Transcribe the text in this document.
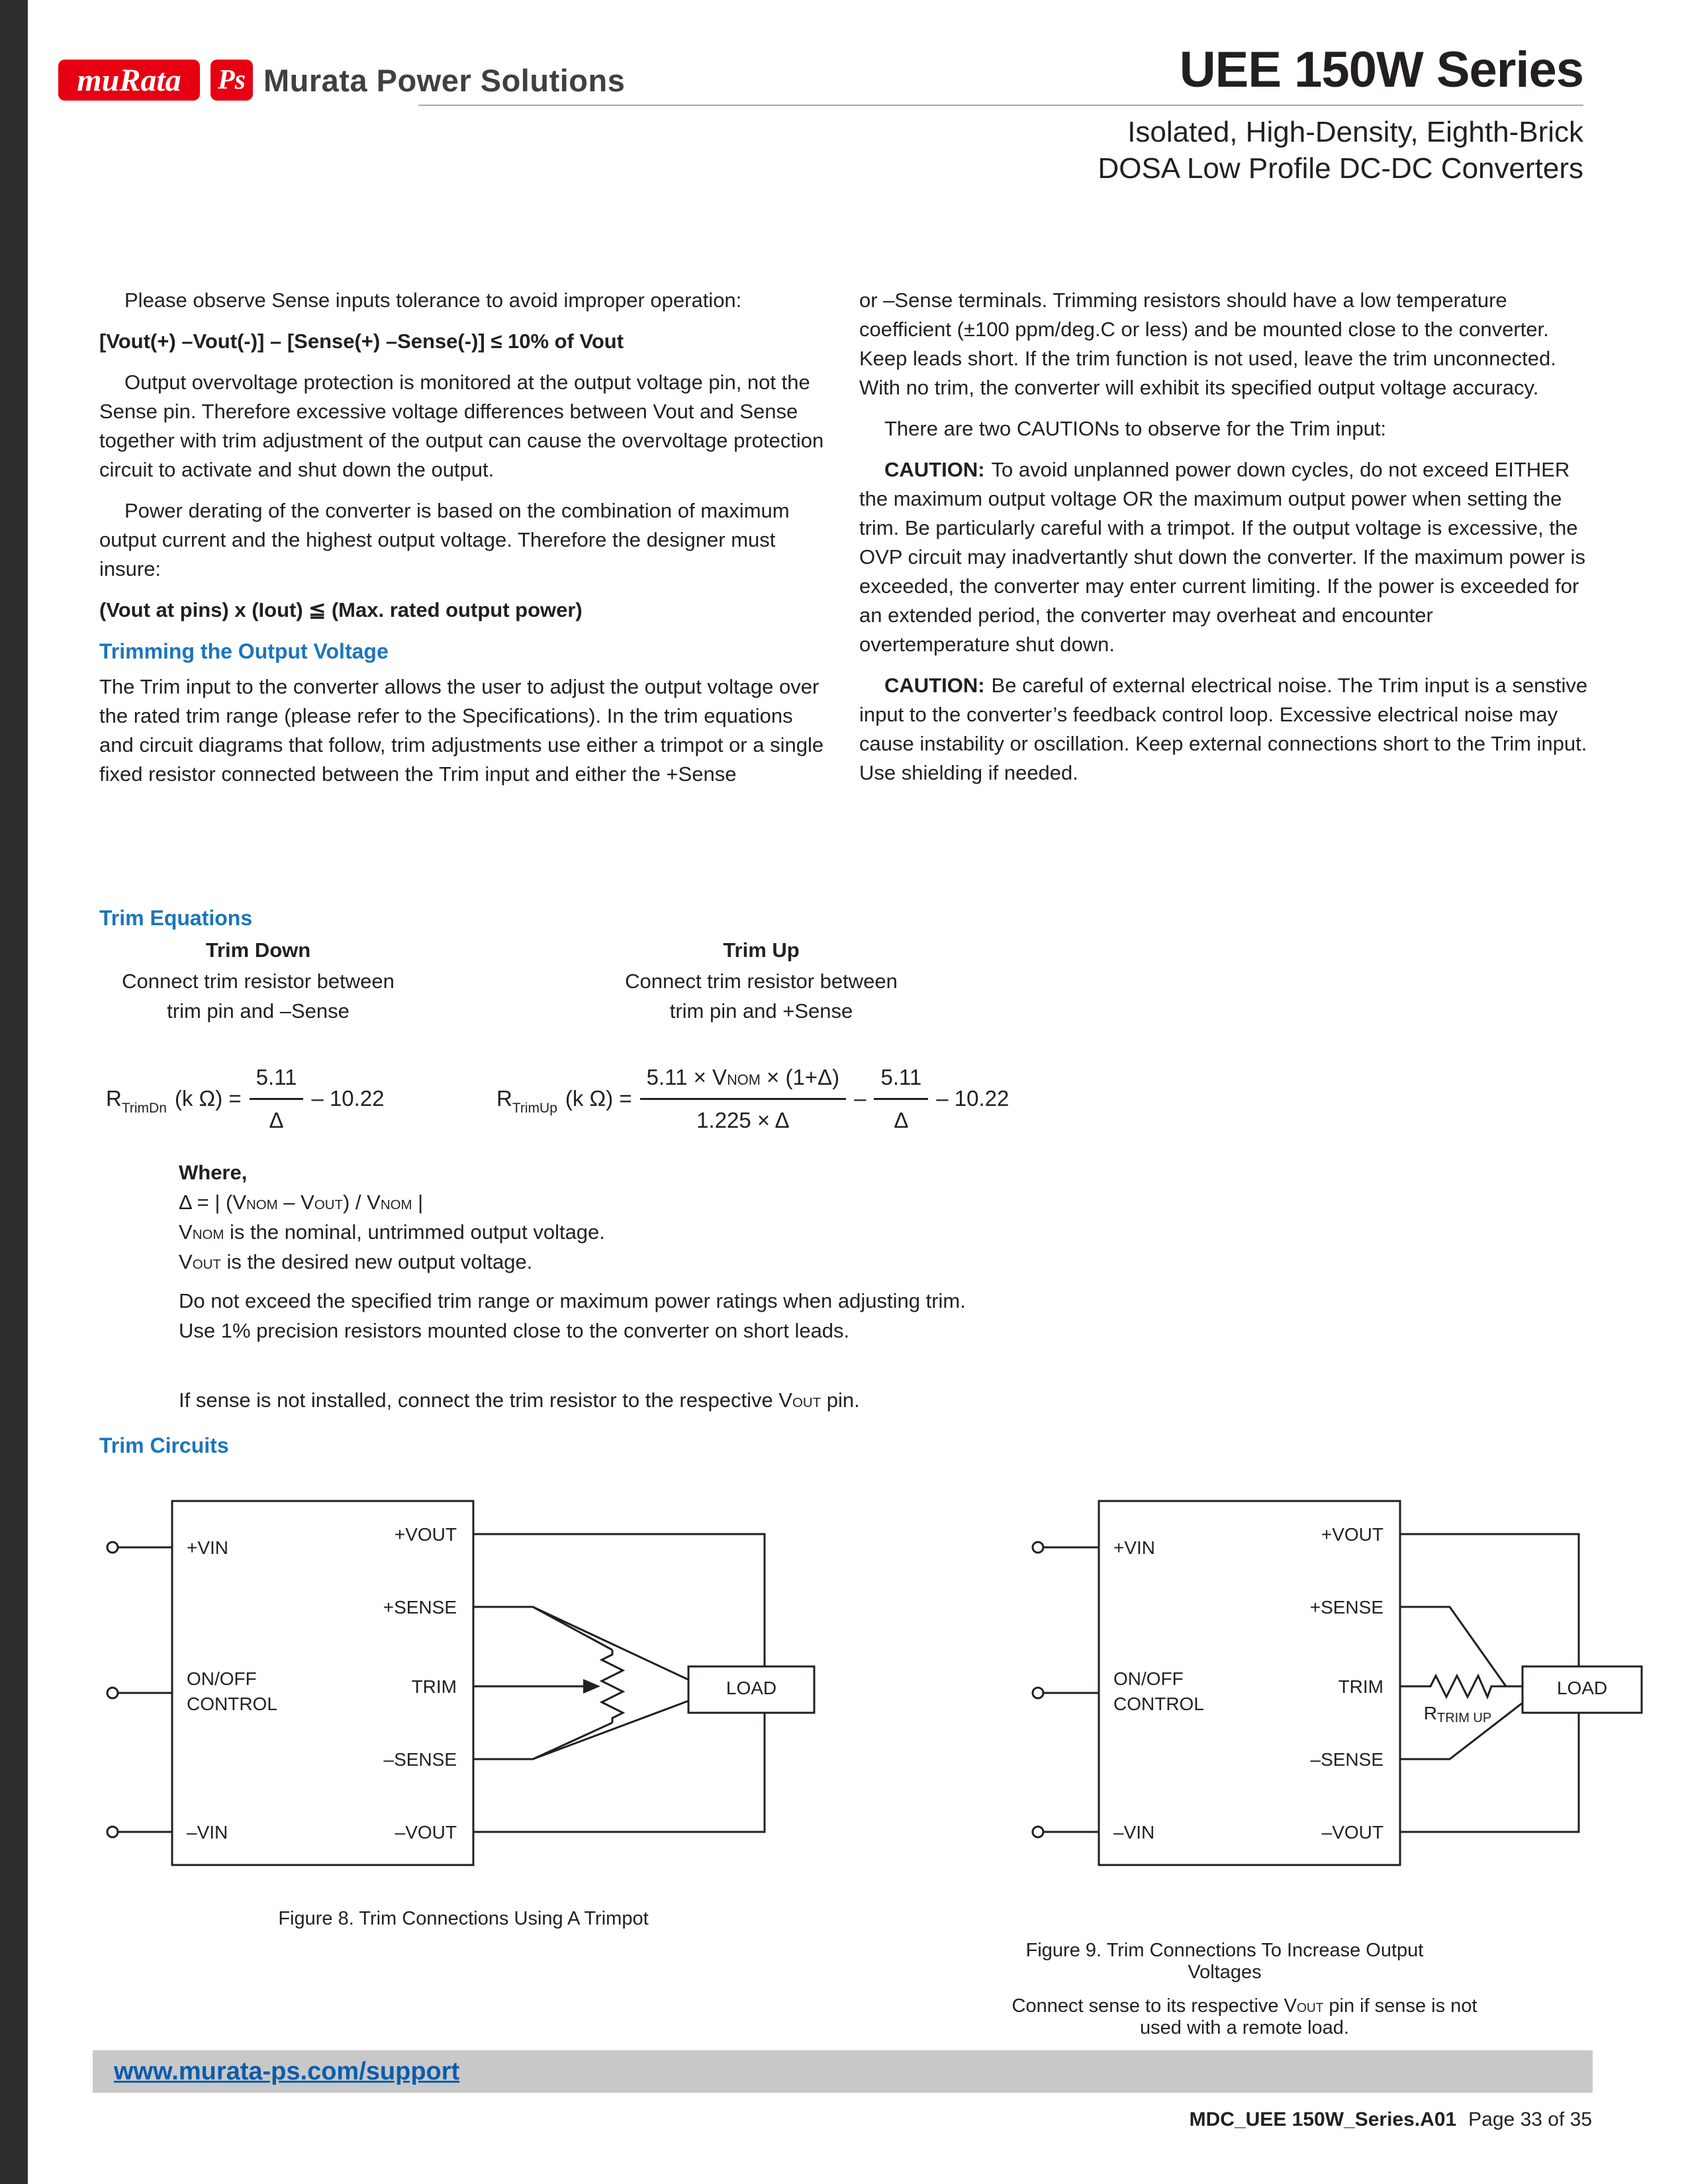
muRata Ps Murata Power Solutions	UEE 150W Series
Isolated, High-Density, Eighth-Brick
DOSA Low Profile DC-DC Converters

Please observe Sense inputs tolerance to avoid improper operation:

[Vout(+) –Vout(-)] – [Sense(+) –Sense(-)] ≤ 10% of Vout

Output overvoltage protection is monitored at the output voltage pin, not the Sense pin. Therefore excessive voltage differences between Vout and Sense together with trim adjustment of the output can cause the overvoltage protection circuit to activate and shut down the output.

Power derating of the converter is based on the combination of maximum output current and the highest output voltage. Therefore the designer must insure:

(Vout at pins) x (Iout) ≦ (Max. rated output power)

Trimming the Output Voltage

The Trim input to the converter allows the user to adjust the output voltage over the rated trim range (please refer to the Specifications). In the trim equations and circuit diagrams that follow, trim adjustments use either a trimpot or a single fixed resistor connected between the Trim input and either the +Sense

or –Sense terminals. Trimming resistors should have a low temperature coefficient (±100 ppm/deg.C or less) and be mounted close to the converter. Keep leads short. If the trim function is not used, leave the trim unconnected. With no trim, the converter will exhibit its specified output voltage accuracy.

There are two CAUTIONs to observe for the Trim input:

CAUTION: To avoid unplanned power down cycles, do not exceed EITHER the maximum output voltage OR the maximum output power when setting the trim. Be particularly careful with a trimpot. If the output voltage is excessive, the OVP circuit may inadvertantly shut down the converter. If the maximum power is exceeded, the converter may enter current limiting. If the power is exceeded for an extended period, the converter may overheat and encounter overtemperature shut down.

CAUTION: Be careful of external electrical noise. The Trim input is a senstive input to the converter’s feedback control loop. Excessive electrical noise may cause instability or oscillation. Keep external connections short to the Trim input. Use shielding if needed.

Trim Equations
Trim Down
Connect trim resistor between
trim pin and –Sense
Trim Up
Connect trim resistor between
trim pin and +Sense
$R_{TrimDn}$ (k $\Omega) = \frac{5.11}{\Delta} - 10.22$	$R_{TrimUp}$ (k $\Omega) = \frac{\text{5.11 × VNOM × (1+Δ)}}{1.225 \times \Delta} - \frac{5.11}{\Delta} - 10.22$
Where,
Δ = | (VNOM – VOUT) / VNOM |
VNOM is the nominal, untrimmed output voltage.
VOUT is the desired new output voltage.
Do not exceed the specified trim range or maximum power ratings when adjusting trim.
Use 1% precision resistors mounted close to the converter on short leads.
If sense is not installed, connect the trim resistor to the respective VOUT pin.
Trim Circuits
+VIN
ON/OFF
CONTROL
–VIN
+VOUT
+SENSE
TRIM
–SENSE
–VOUT
LOAD
Figure 8. Trim Connections Using A Trimpot
+VIN
ON/OFF
CONTROL
–VIN
+VOUT
+SENSE
TRIM
–SENSE
–VOUT
LOAD
RTRIM UP
Figure 9. Trim Connections To Increase Output Voltages
Connect sense to its respective VOUT pin if sense is not used with a remote load.
www.murata-ps.com/support
MDC_UEE 150W_Series.A01 Page 33 of 35
